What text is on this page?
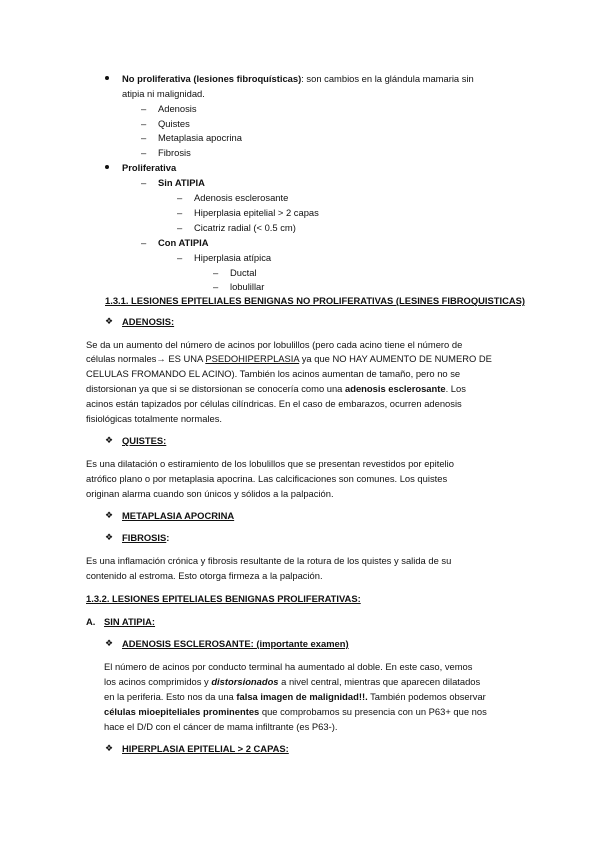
No proliferativa (lesiones fibroquísticas): son cambios en la glándula mamaria sin
atipia ni malignidad.
– Adenosis
– Quistes
– Metaplasia apocrina
– Fibrosis
Proliferativa
– Sin ATIPIA
– Adenosis esclerosante
– Hiperplasia epitelial > 2 capas
– Cicatriz radial (< 0.5 cm)
– Con ATIPIA
– Hiperplasia atípica
– Ductal
– lobulillar
1.3.1. LESIONES EPITELIALES BENIGNAS NO PROLIFERATIVAS (LESINES FIBROQUISTICAS)
❖ ADENOSIS:
Se da un aumento del número de acinos por lobulillos (pero cada acino tiene el número de
células normales→ ES UNA PSEDOHIPERPLASIA ya que NO HAY AUMENTO DE NUMERO DE
CELULAS FROMANDO EL ACINO). También los acinos aumentan de tamaño, pero no se
distorsionan ya que si se distorsionan se conocería como una adenosis esclerosante. Los
acinos están tapizados por células cilíndricas. En el caso de embarazos, ocurren adenosis
fisiológicas totalmente normales.
❖ QUISTES:
Es una dilatación o estiramiento de los lobulillos que se presentan revestidos por epitelio
atrófico plano o por metaplasia apocrina. Las calcificaciones son comunes. Los quistes
originan alarma cuando son únicos y sólidos a la palpación.
❖ METAPLASIA APOCRINA
❖ FIBROSIS:
Es una inflamación crónica y fibrosis resultante de la rotura de los quistes y salida de su
contenido al estroma. Esto otorga firmeza a la palpación.
1.3.2. LESIONES EPITELIALES BENIGNAS PROLIFERATIVAS:
A. SIN ATIPIA:
❖ ADENOSIS ESCLEROSANTE: (importante examen)
El número de acinos por conducto terminal ha aumentado al doble. En este caso, vemos
los acinos comprimidos y distorsionados a nivel central, mientras que aparecen dilatados
en la periferia. Esto nos da una falsa imagen de malignidad!!. También podemos observar
células mioepiteliales prominentes que comprobamos su presencia con un P63+ que nos
hace el D/D con el cáncer de mama infiltrante (es P63-).
❖ HIPERPLASIA EPITELIAL > 2 CAPAS:
